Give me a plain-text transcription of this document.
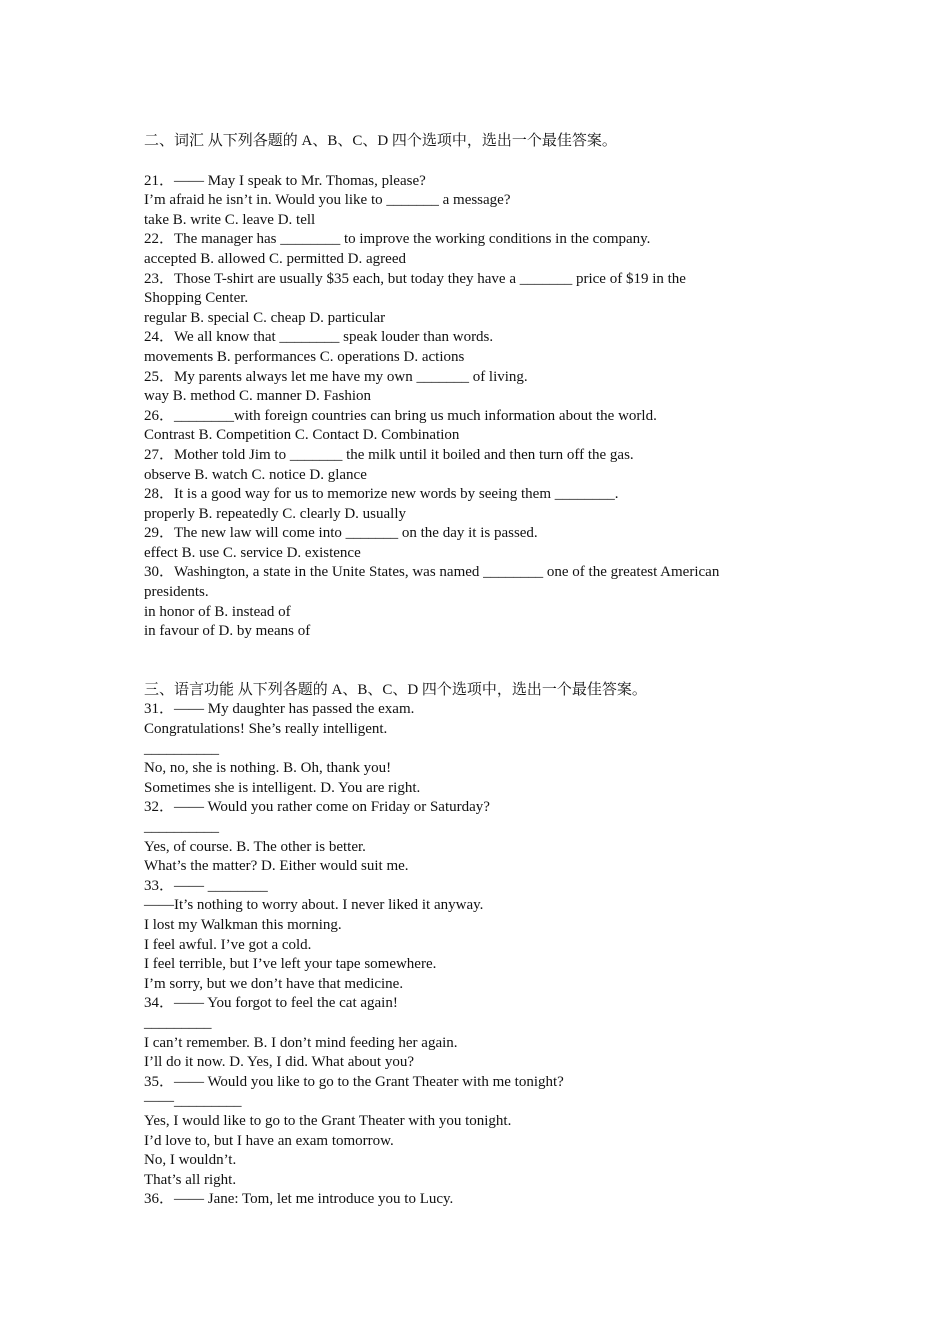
二、词汇 从下列各题的 A、B、C、D 四个选项中，选出一个最佳答案。
21．—— May I speak to Mr. Thomas, please?
I’m afraid he isn’t in. Would you like to _______ a message?
take B. write C. leave D. tell
22．The manager has ________ to improve the working conditions in the company.
accepted B. allowed C. permitted D. agreed
23．Those T-shirt are usually $35 each, but today they have a _______ price of $19 in the
Shopping Center.
regular B. special C. cheap D. particular
24．We all know that ________ speak louder than words.
movements B. performances C. operations D. actions
25．My parents always let me have my own _______ of living.
way B. method C. manner D. Fashion
26．________with foreign countries can bring us much information about the world.
Contrast B. Competition C. Contact D. Combination
27．Mother told Jim to _______ the milk until it boiled and then turn off the gas.
observe B. watch C. notice D. glance
28．It is a good way for us to memorize new words by seeing them ________.
properly B. repeatedly C. clearly D. usually
29．The new law will come into _______ on the day it is passed.
effect B. use C. service D. existence
30．Washington, a state in the Unite States, was named ________ one of the greatest American
presidents.
in honor of B. instead of
in favour of D. by means of
三、语言功能 从下列各题的 A、B、C、D 四个选项中，选出一个最佳答案。
31．—— My daughter has passed the exam.
Congratulations! She’s really intelligent.
__________
No, no, she is nothing. B. Oh, thank you!
Sometimes she is intelligent. D. You are right.
32．—— Would you rather come on Friday or Saturday?
__________
Yes, of course. B. The other is better.
What’s the matter? D. Either would suit me.
33．—— ________
——It’s nothing to worry about. I never liked it anyway.
I lost my Walkman this morning.
I feel awful. I’ve got a cold.
I feel terrible, but I’ve left your tape somewhere.
I’m sorry, but we don’t have that medicine.
34．—— You forgot to feel the cat again!
_________
I can’t remember. B. I don’t mind feeding her again.
I’ll do it now. D. Yes, I did. What about you?
35．—— Would you like to go to the Grant Theater with me tonight?
——_________
Yes, I would like to go to the Grant Theater with you tonight.
I’d love to, but I have an exam tomorrow.
No, I wouldn’t.
That’s all right.
36．—— Jane: Tom, let me introduce you to Lucy.
